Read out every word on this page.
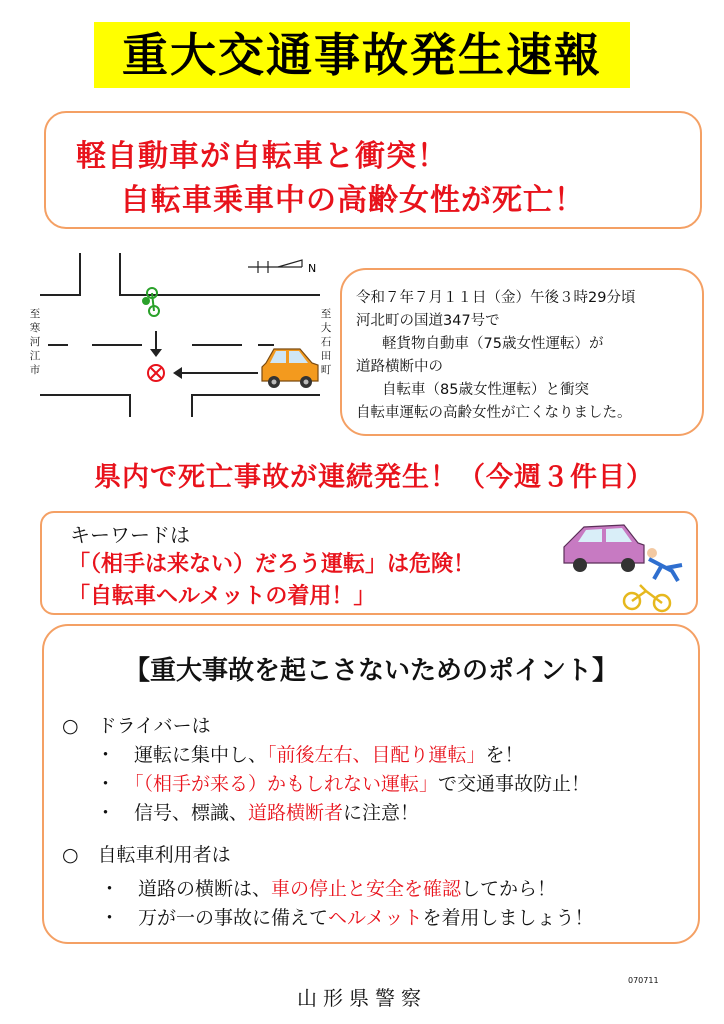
重大交通事故発生速報
軽自動車が自転車と衝突！
自転車乗車中の高齢女性が死亡！
N
至
寒
河
江
市
至
大
石
田
町
令和７年７月１１日（金）午後３時29分頃
河北町の国道347号で
軽貨物自動車（75歳女性運転）が
道路横断中の
自転車（85歳女性運転）と衝突
自転車運転の高齢女性が亡くなりました。
県内で死亡事故が連続発生！（今週３件目）
キーワードは
「（相手は来ない）だろう運転」は危険！
「自転車ヘルメットの着用！」
【重大事故を起こさないためのポイント】
○　ドライバーは
・　運転に集中し、「前後左右、目配り運転」を！
・　「（相手が来る）かもしれない運転」で交通事故防止！
・　信号、標識、道路横断者に注意！
○　自転車利用者は
・　道路の横断は、車の停止と安全を確認してから！
・　万が一の事故に備えてヘルメットを着用しましょう！
山形県警察
070711
